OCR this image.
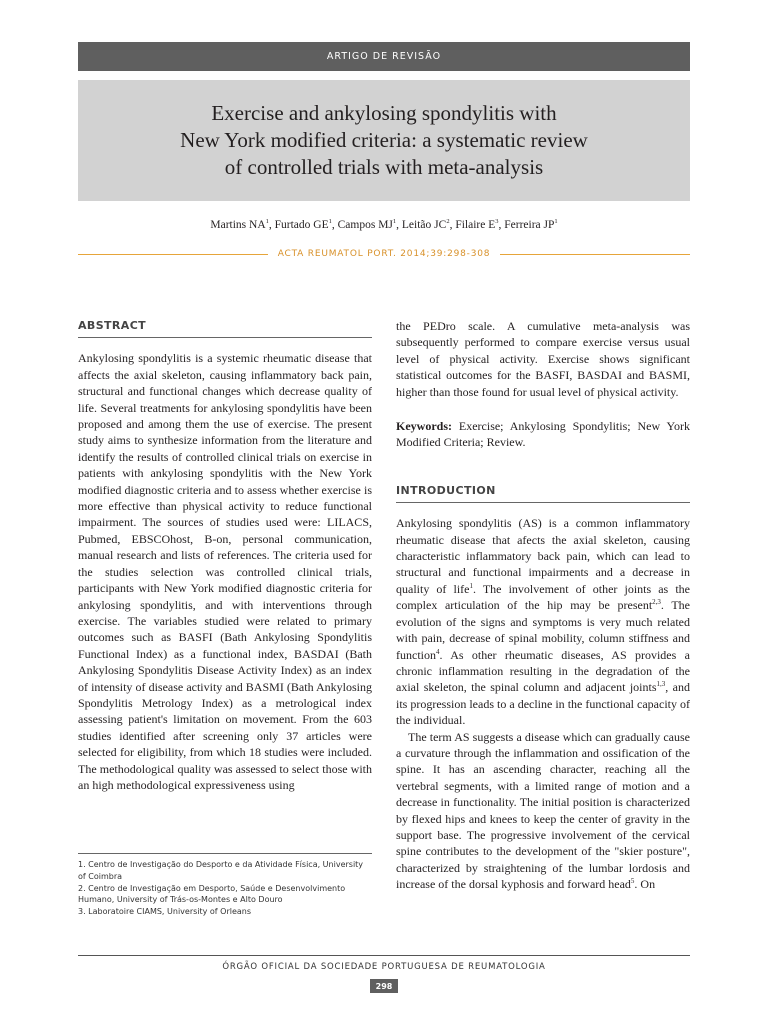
ARTIGO DE REVISÃO
Exercise and ankylosing spondylitis with
New York modified criteria: a systematic review
of controlled trials with meta-analysis
Martins $NA^1$, Furtado $GE^1$, Campos $MJ^1$, Leitão $JC^2$, Filaire $E^3$, Ferreira $JP^1$
ACTA REUMATOL PORT. 2014;39:298-308
ABSTRACT

Ankylosing spondylitis is a systemic rheumatic disease that affects the axial skeleton, causing inflammatory back pain, structural and functional changes which decrease quality of life. Several treatments for ankylosing spondylitis have been proposed and among them the use of exercise. The present study aims to synthesize information from the literature and identify the results of controlled clinical trials on exercise in patients with ankylosing spondylitis with the New York modified diagnostic criteria and to assess whether exercise is more effective than physical activity to reduce functional impairment. The sources of studies used were: LILACS, Pubmed, EBSCOhost, B-on, personal communication, manual research and lists of references. The criteria used for the studies selection was controlled clinical trials, participants with New York modified diagnostic criteria for ankylosing spondylitis, and with interventions through exercise. The variables studied were related to primary outcomes such as BASFI (Bath Ankylosing Spondylitis Functional Index) as a functional index, BASDAI (Bath Ankylosing Spondylitis Disease Activity Index) as an index of intensity of disease activity and BASMI (Bath Ankylosing Spondylitis Metrology Index) as a metrological index assessing patient's limitation on movement. From the 603 studies identified after screening only 37 articles were selected for eligibility, from which 18 studies were included. The methodological quality was assessed to select those with an high methodological expressiveness using

the PEDro scale. A cumulative meta-analysis was subsequently performed to compare exercise versus usual level of physical activity. Exercise shows significant statistical outcomes for the BASFI, BASDAI and BASMI, higher than those found for usual level of physical activity.

Keywords: Exercise; Ankylosing Spondylitis; New York Modified Criteria; Review.

INTRODUCTION

Ankylosing spondylitis (AS) is a common inflammatory rheumatic disease that afects the axial skeleton, causing characteristic inflammatory back pain, which can lead to structural and functional impairments and a decrease in quality of life$^1$. The involvement of other joints as the complex articulation of the hip may be present$^{2,3}$. The evolution of the signs and symptoms is very much related with pain, decrease of spinal mobility, column stiffness and function$^4$. As other rheumatic diseases, AS provides a chronic inflammation resulting in the degradation of the axial skeleton, the spinal column and adjacent joints$^{1,3}$, and its progression leads to a decline in the functional capacity of the individual.

The term AS suggests a disease which can gradually cause a curvature through the inflammation and ossification of the spine. It has an ascending character, reaching all the vertebral segments, with a limited range of motion and a decrease in functionality. The initial position is characterized by flexed hips and knees to keep the center of gravity in the support base. The progressive involvement of the cervical spine contributes to the development of the "skier posture", characterized by straightening of the lumbar lordosis and increase of the dorsal kyphosis and forward head$^5$. On

1. Centro de Investigação do Desporto e da Atividade Física, University of Coimbra
2. Centro de Investigação em Desporto, Saúde e Desenvolvimento Humano, University of Trás-os-Montes e Alto Douro
3. Laboratoire CIAMS, University of Orleans
ÓRGÃO OFICIAL DA SOCIEDADE PORTUGUESA DE REUMATOLOGIA
298
